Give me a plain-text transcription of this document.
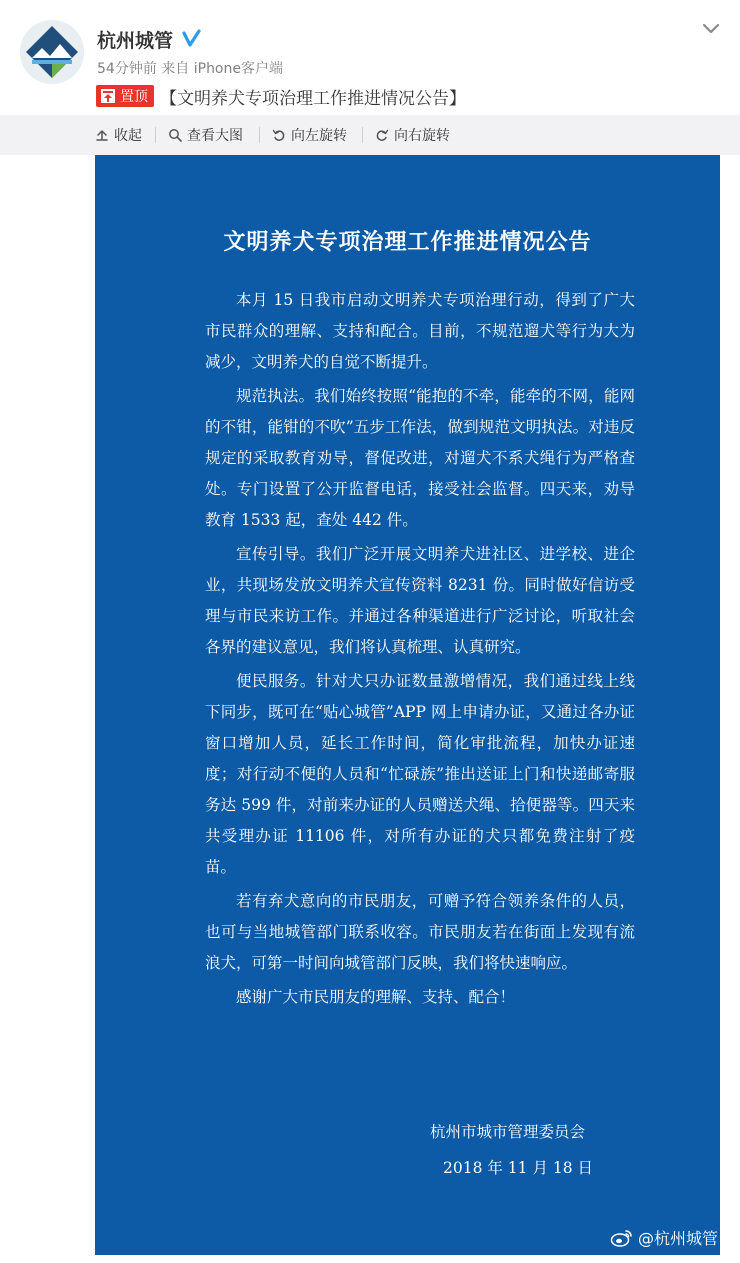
杭州城管
54分钟前 来自 iPhone客户端
置顶 【文明养犬专项治理工作推进情况公告】
收起	查看大图	向左旋转	向右旋转
文明养犬专项治理工作推进情况公告

本月 15 日我市启动文明养犬专项治理行动，得到了广大市民群众的理解、支持和配合。目前，不规范遛犬等行为大为减少，文明养犬的自觉不断提升。

规范执法。我们始终按照“能抱的不牵，能牵的不网，能网的不钳，能钳的不吹”五步工作法，做到规范文明执法。对违反规定的采取教育劝导，督促改进，对遛犬不系犬绳行为严格查处。专门设置了公开监督电话，接受社会监督。四天来，劝导教育 1533 起，查处 442 件。

宣传引导。我们广泛开展文明养犬进社区、进学校、进企业，共现场发放文明养犬宣传资料 8231 份。同时做好信访受理与市民来访工作。并通过各种渠道进行广泛讨论，听取社会各界的建议意见，我们将认真梳理、认真研究。

便民服务。针对犬只办证数量激增情况，我们通过线上线下同步，既可在“贴心城管”APP 网上申请办证，又通过各办证窗口增加人员，延长工作时间，简化审批流程，加快办证速度；对行动不便的人员和“忙碌族”推出送证上门和快递邮寄服务达 599 件，对前来办证的人员赠送犬绳、拾便器等。四天来共受理办证 11106 件，对所有办证的犬只都免费注射了疫苗。

若有弃犬意向的市民朋友，可赠予符合领养条件的人员，也可与当地城管部门联系收容。市民朋友若在街面上发现有流浪犬，可第一时间向城管部门反映，我们将快速响应。

感谢广大市民朋友的理解、支持、配合！

杭州市城市管理委员会
2018 年 11 月 18 日
@杭州城管
